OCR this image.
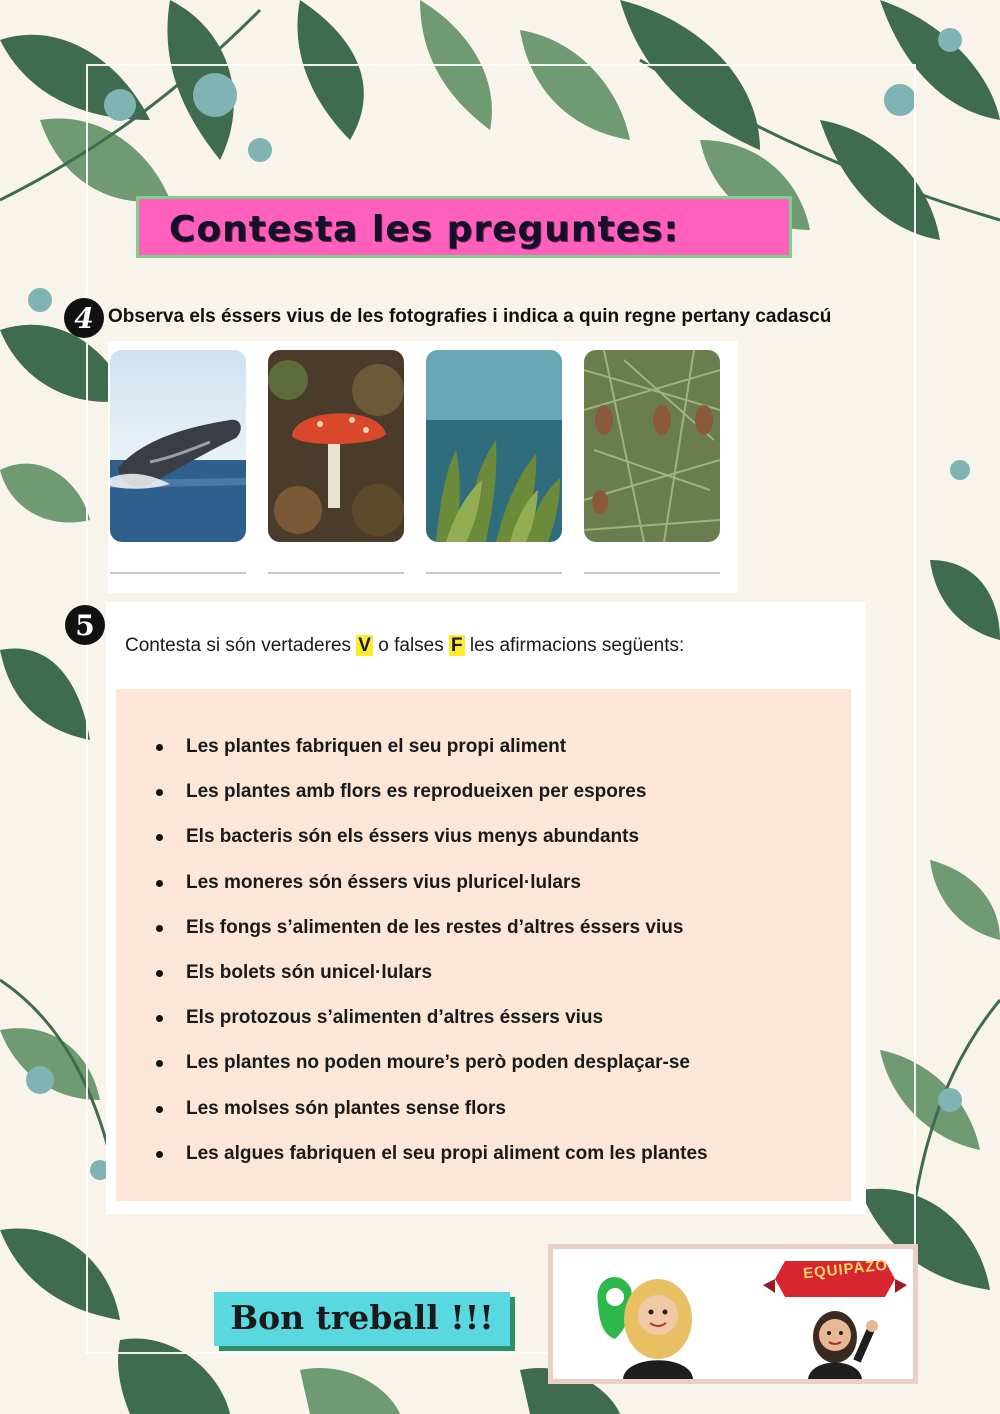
Contesta les preguntes:
4 Observa els éssers vius de les fotografies i indica a quin regne pertany cadascú
5
Contesta si són vertaderes V o falses F les afirmacions següents:
Les plantes fabriquen el seu propi aliment
Les plantes amb flors es reprodueixen per espores
Els bacteris són els éssers vius menys abundants
Les moneres són éssers vius pluricel·lulars
Els fongs s’alimenten de les restes d’altres éssers vius
Els bolets són unicel·lulars
Els protozous s’alimenten d’altres éssers vius
Les plantes no poden moure’s però poden desplaçar-se
Les molses són plantes sense flors
Les algues fabriquen el seu propi aliment com les plantes
Bon treball !!!
EQUIPAZO
